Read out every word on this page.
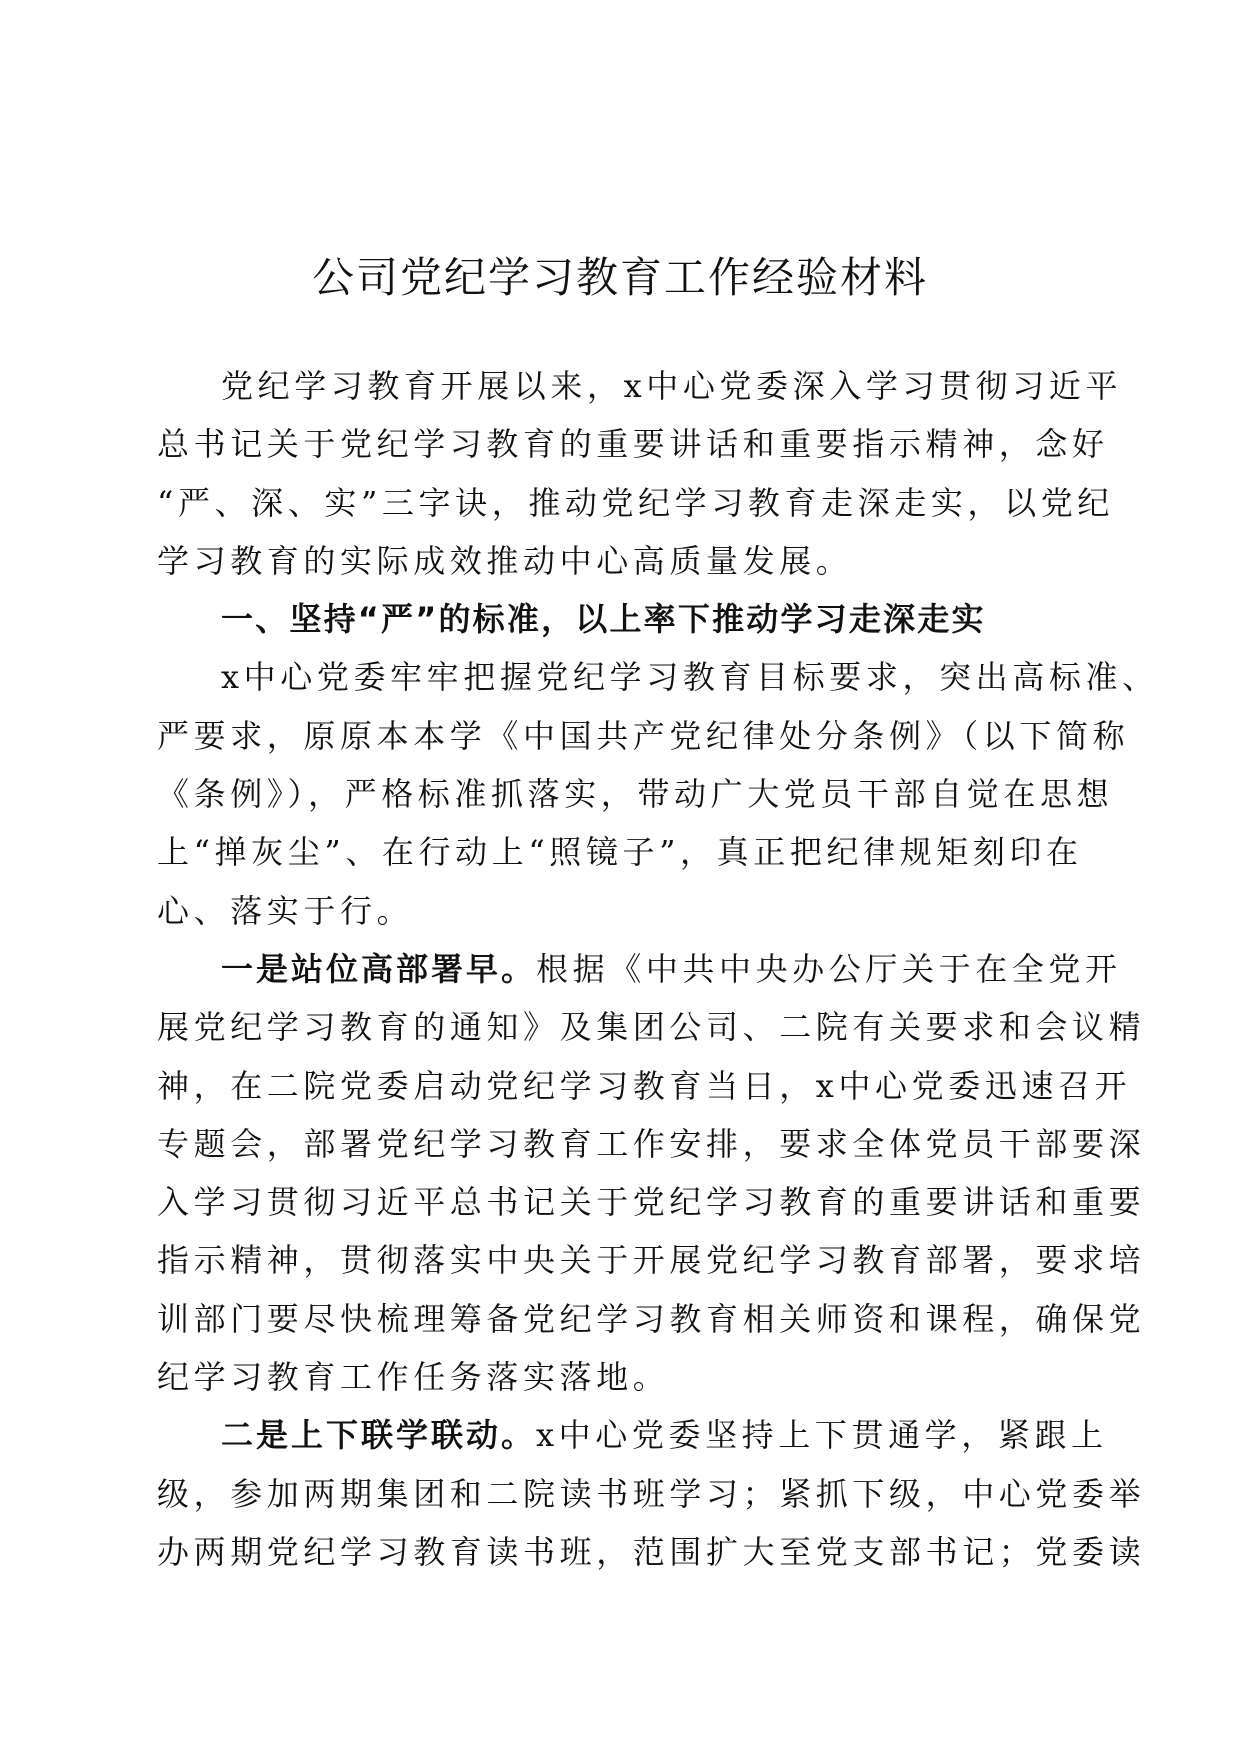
公司党纪学习教育工作经验材料

党纪学习教育开展以来，x中心党委深入学习贯彻习近平

总书记关于党纪学习教育的重要讲话和重要指示精神，念好

“严、深、实”三字诀，推动党纪学习教育走深走实，以党纪

学习教育的实际成效推动中心高质量发展。

一、坚持“严”的标准，以上率下推动学习走深走实

x中心党委牢牢把握党纪学习教育目标要求，突出高标准、

严要求，原原本本学《中国共产党纪律处分条例》（以下简称

《条例》），严格标准抓落实，带动广大党员干部自觉在思想

上“掸灰尘”、在行动上“照镜子”，真正把纪律规矩刻印在

心、落实于行。

一是站位高部署早。根据《中共中央办公厅关于在全党开

展党纪学习教育的通知》及集团公司、二院有关要求和会议精

神，在二院党委启动党纪学习教育当日，x中心党委迅速召开

专题会，部署党纪学习教育工作安排，要求全体党员干部要深

入学习贯彻习近平总书记关于党纪学习教育的重要讲话和重要

指示精神，贯彻落实中央关于开展党纪学习教育部署，要求培

训部门要尽快梳理筹备党纪学习教育相关师资和课程，确保党

纪学习教育工作任务落实落地。

二是上下联学联动。x中心党委坚持上下贯通学，紧跟上

级，参加两期集团和二院读书班学习；紧抓下级，中心党委举

办两期党纪学习教育读书班，范围扩大至党支部书记；党委读
